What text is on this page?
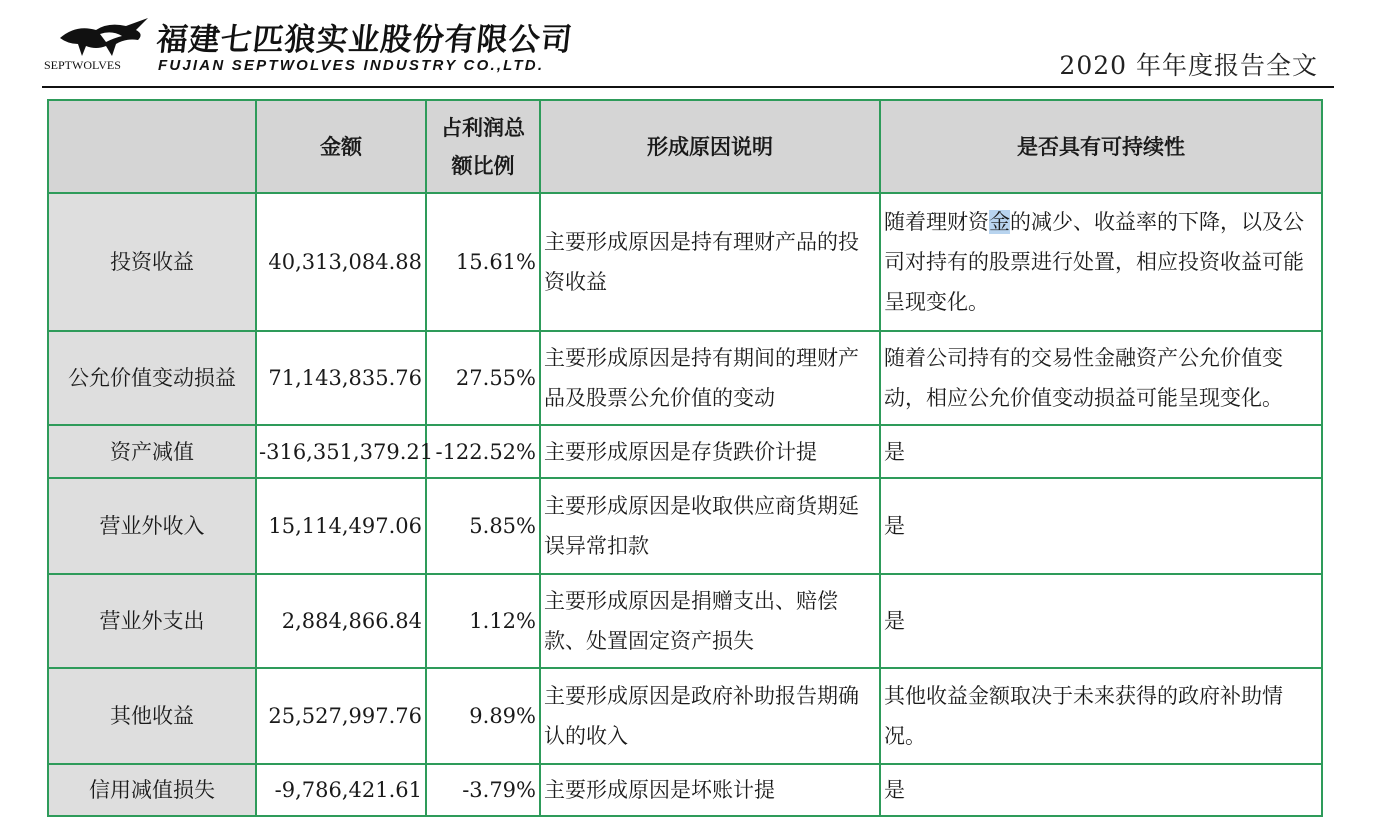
SEPTWOLVES
福建七匹狼实业股份有限公司
FUJIAN SEPTWOLVES INDUSTRY CO.,LTD.	2020 年年度报告全文
	金额	占利润总额比例	形成原因说明	是否具有可持续性
投资收益	40,313,084.88	15.61%	主要形成原因是持有理财产品的投资收益	随着理财资金的减少、收益率的下降，以及公司对持有的股票进行处置，相应投资收益可能呈现变化。
公允价值变动损益	71,143,835.76	27.55%	主要形成原因是持有期间的理财产品及股票公允价值的变动	随着公司持有的交易性金融资产公允价值变动，相应公允价值变动损益可能呈现变化。
资产减值	-316,351,379.21	-122.52%	主要形成原因是存货跌价计提	是
营业外收入	15,114,497.06	5.85%	主要形成原因是收取供应商货期延误异常扣款	是
营业外支出	2,884,866.84	1.12%	主要形成原因是捐赠支出、赔偿款、处置固定资产损失	是
其他收益	25,527,997.76	9.89%	主要形成原因是政府补助报告期确认的收入	其他收益金额取决于未来获得的政府补助情况。
信用减值损失	-9,786,421.61	-3.79%	主要形成原因是坏账计提	是
